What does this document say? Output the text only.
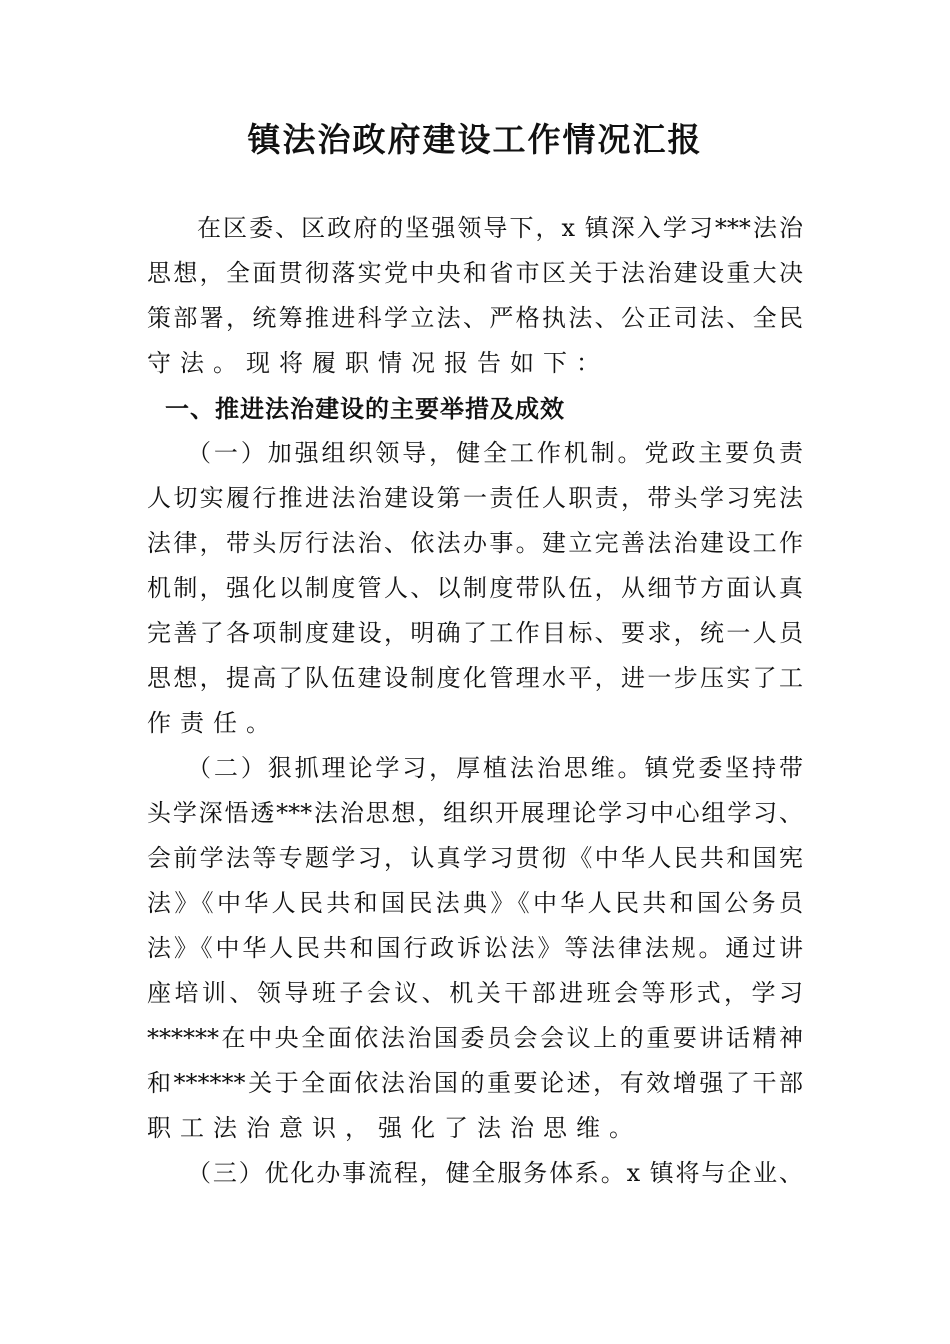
镇法治政府建设工作情况汇报
在区委、区政府的坚强领导下，x 镇深入学习***法治
思想，全面贯彻落实党中央和省市区关于法治建设重大决
策部署，统筹推进科学立法、严格执法、公正司法、全民
守法。现将履职情况报告如下：
一、推进法治建设的主要举措及成效
（一）加强组织领导，健全工作机制。党政主要负责
人切实履行推进法治建设第一责任人职责，带头学习宪法
法律，带头厉行法治、依法办事。建立完善法治建设工作
机制，强化以制度管人、以制度带队伍，从细节方面认真
完善了各项制度建设，明确了工作目标、要求，统一人员
思想，提高了队伍建设制度化管理水平，进一步压实了工
作责任。
（二）狠抓理论学习，厚植法治思维。镇党委坚持带
头学深悟透***法治思想，组织开展理论学习中心组学习、
会前学法等专题学习，认真学习贯彻《中华人民共和国宪
法》《中华人民共和国民法典》《中华人民共和国公务员
法》《中华人民共和国行政诉讼法》等法律法规。通过讲
座培训、领导班子会议、机关干部进班会等形式，学习
******在中央全面依法治国委员会会议上的重要讲话精神
和******关于全面依法治国的重要论述，有效增强了干部
职工法治意识，强化了法治思维。
（三）优化办事流程，健全服务体系。x 镇将与企业、
